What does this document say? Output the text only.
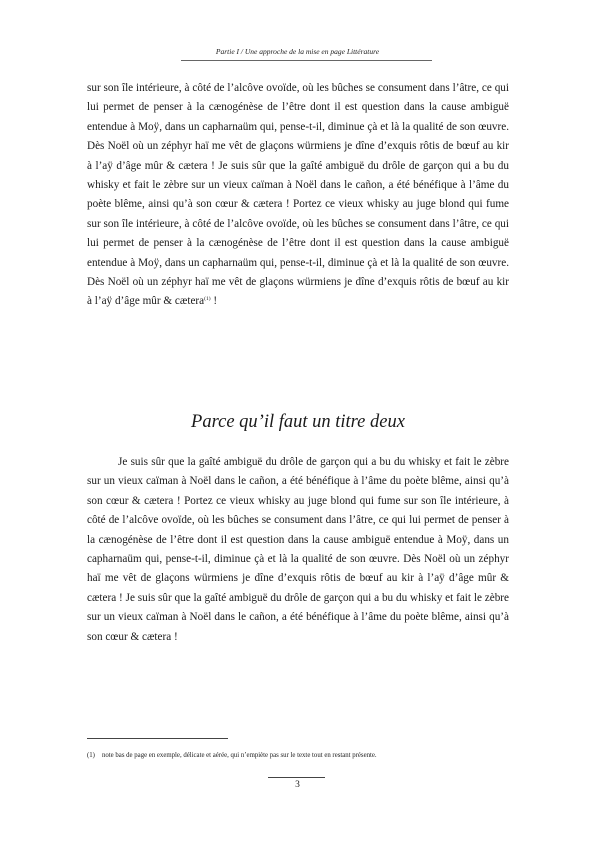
Partie I / Une approche de la mise en page Littérature

sur son île intérieure, à côté de l’alcôve ovoïde, où les bûches se consument dans l’âtre, ce qui lui permet de penser à la cænogénèse de l’être dont il est question dans la cause ambiguë entendue à Moÿ, dans un capharnaüm qui, pense-t-il, diminue çà et là la qualité de son œuvre. Dès Noël où un zéphyr haï me vêt de glaçons würmiens je dîne d’exquis rôtis de bœuf au kir à l’aÿ d’âge mûr & cætera ! Je suis sûr que la gaîté ambiguë du drôle de garçon qui a bu du whisky et fait le zèbre sur un vieux caïman à Noël dans le cañon, a été bénéfique à l’âme du poète blême, ainsi qu’à son cœur & cætera ! Portez ce vieux whisky au juge blond qui fume sur son île intérieure, à côté de l’alcôve ovoïde, où les bûches se consument dans l’âtre, ce qui lui permet de penser à la cænogénèse de l’être dont il est question dans la cause ambiguë entendue à Moÿ, dans un capharnaüm qui, pense-t-il, diminue çà et là la qualité de son œuvre. Dès Noël où un zéphyr haï me vêt de glaçons würmiens je dîne d’exquis rôtis de bœuf au kir à l’aÿ d’âge mûr & cætera$^{(1)}$ !

Parce qu’il faut un titre deux

Je suis sûr que la gaîté ambiguë du drôle de garçon qui a bu du whisky et fait le zèbre sur un vieux caïman à Noël dans le cañon, a été bénéfique à l’âme du poète blême, ainsi qu’à son cœur & cætera ! Portez ce vieux whisky au juge blond qui fume sur son île intérieure, à côté de l’alcôve ovoïde, où les bûches se consument dans l’âtre, ce qui lui permet de penser à la cænogénèse de l’être dont il est question dans la cause ambiguë entendue à Moÿ, dans un capharnaüm qui, pense-t-il, diminue çà et là la qualité de son œuvre. Dès Noël où un zéphyr haï me vêt de glaçons würmiens je dîne d’exquis rôtis de bœuf au kir à l’aÿ d’âge mûr & cætera ! Je suis sûr que la gaîté ambiguë du drôle de garçon qui a bu du whisky et fait le zèbre sur un vieux caïman à Noël dans le cañon, a été bénéfique à l’âme du poète blême, ainsi qu’à son cœur & cætera !

(1) note bas de page en exemple, délicate et aérée, qui n’empiète pas sur le texte tout en restant présente.
3
